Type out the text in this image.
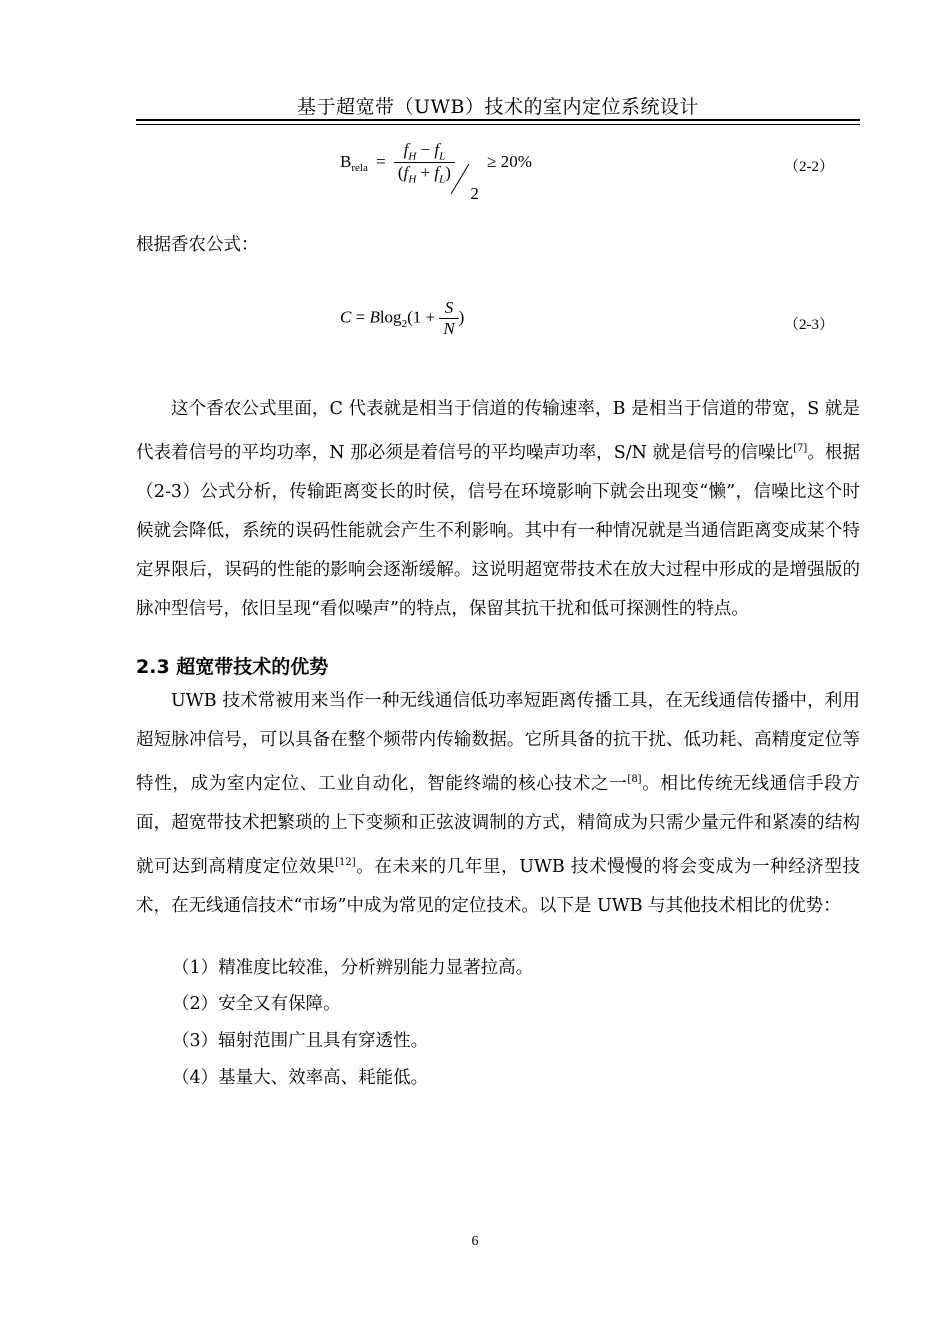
基于超宽带（UWB）技术的室内定位系统设计
$B_{rela} = f_H - f_L$
$(f_H + f_L)$
2	≥ 20%	（2-2）
根据香农公式：
$C = Blog_2(1 + \frac{S}{N}$ )	（2-3）
这个香农公式里面，C 代表就是相当于信道的传输速率，B 是相当于信道的带宽，S 就是代表着信号的平均功率，N 那必须是着信号的平均噪声功率，S/N 就是信号的信噪比[7]。根据（2-3）公式分析，传输距离变长的时侯，信号在环境影响下就会出现变“懒”，信噪比这个时候就会降低，系统的误码性能就会产生不利影响。其中有一种情况就是当通信距离变成某个特定界限后，误码的性能的影响会逐渐缓解。这说明超宽带技术在放大过程中形成的是增强版的脉冲型信号，依旧呈现“看似噪声”的特点，保留其抗干扰和低可探测性的特点。
2.3 超宽带技术的优势
UWB 技术常被用来当作一种无线通信低功率短距离传播工具，在无线通信传播中，利用超短脉冲信号，可以具备在整个频带内传输数据。它所具备的抗干扰、低功耗、高精度定位等特性，成为室内定位、工业自动化，智能终端的核心技术之一[8]。相比传统无线通信手段方面，超宽带技术把繁琐的上下变频和正弦波调制的方式，精简成为只需少量元件和紧凑的结构就可达到高精度定位效果[12]。在未来的几年里，UWB 技术慢慢的将会变成为一种经济型技术，在无线通信技术“市场”中成为常见的定位技术。以下是 UWB 与其他技术相比的优势：
（1）精准度比较准，分析辨别能力显著拉高。
（2）安全又有保障。
（3）辐射范围广且具有穿透性。
（4）基量大、效率高、耗能低。
6
